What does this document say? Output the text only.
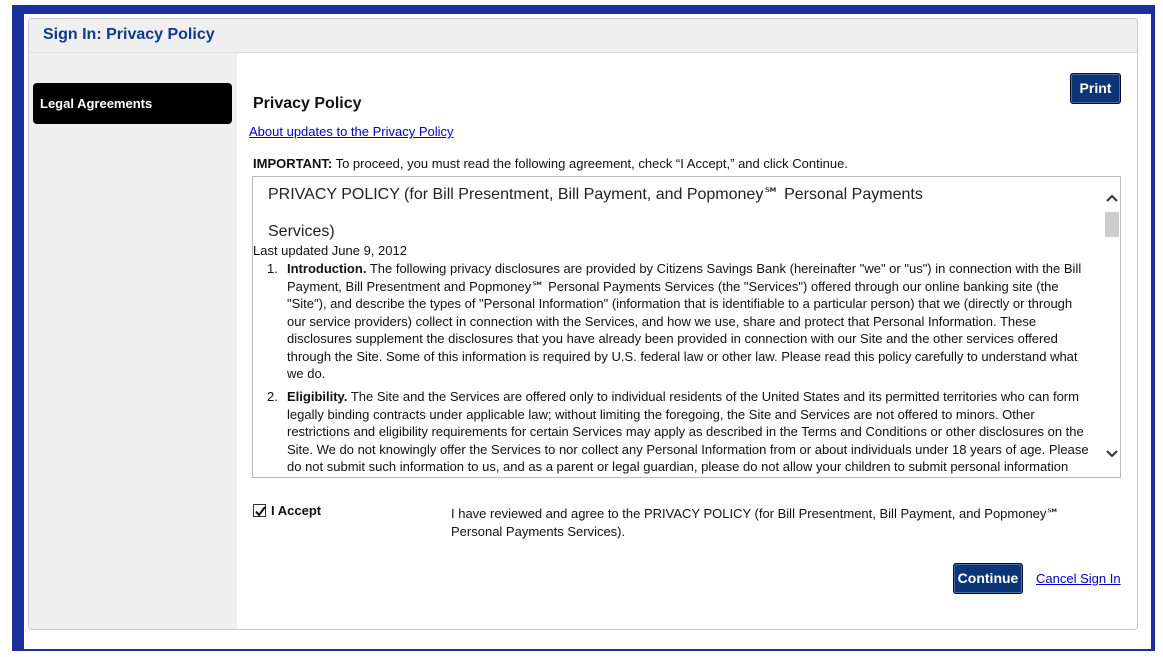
Sign In: Privacy Policy
Legal Agreements
Print
Privacy Policy
About updates to the Privacy Policy
IMPORTANT: To proceed, you must read the following agreement, check “I Accept,” and click Continue.
PRIVACY POLICY (for Bill Presentment, Bill Payment, and Popmoney℠ Personal Payments Services)
Last updated June 9, 2012
1. Introduction. The following privacy disclosures are provided by Citizens Savings Bank (hereinafter "we" or "us") in connection with the Bill Payment, Bill Presentment and Popmoney℠ Personal Payments Services (the "Services") offered through our online banking site (the "Site"), and describe the types of "Personal Information" (information that is identifiable to a particular person) that we (directly or through our service providers) collect in connection with the Services, and how we use, share and protect that Personal Information. These disclosures supplement the disclosures that you have already been provided in connection with our Site and the other services offered through the Site. Some of this information is required by U.S. federal law or other law. Please read this policy carefully to understand what we do.
2. Eligibility. The Site and the Services are offered only to individual residents of the United States and its permitted territories who can form legally binding contracts under applicable law; without limiting the foregoing, the Site and Services are not offered to minors. Other restrictions and eligibility requirements for certain Services may apply as described in the Terms and Conditions or other disclosures on the Site. We do not knowingly offer the Services to nor collect any Personal Information from or about individuals under 18 years of age. Please do not submit such information to us, and as a parent or legal guardian, please do not allow your children to submit personal information
I Accept	I have reviewed and agree to the PRIVACY POLICY (for Bill Presentment, Bill Payment, and Popmoney℠ Personal Payments Services).
Continue	Cancel Sign In
